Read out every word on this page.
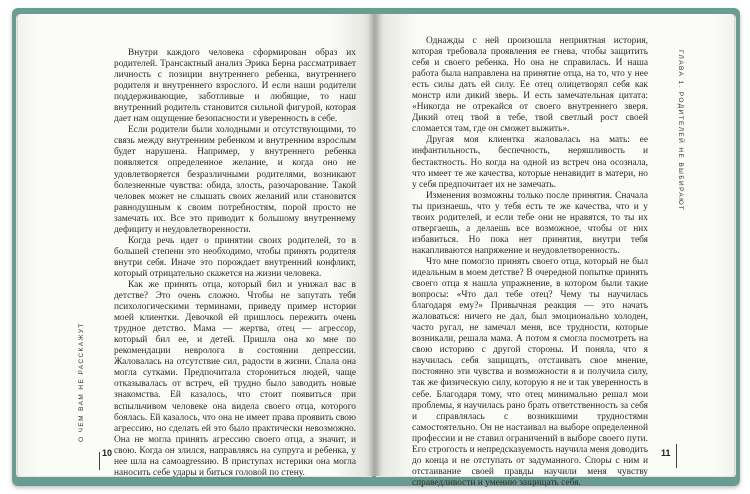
Внутри каждого человека сформирован образ их родителей. Трансактный анализ Эрика Берна рассматривает личность с позиции внутреннего ребенка, внутреннего родителя и внутреннего взрослого. И если наши родители поддерживающие, заботливые и любящие, то наш внутренний родитель становится сильной фигурой, которая дает нам ощущение безопасности и уверенность в себе.

Если родители были холодными и отсутствующими, то связь между внутренним ребенком и внутренним взрослым будет нарушена. Например, у внутреннего ребенка появляется определенное желание, и когда оно не удовлетворяется безразличными родителями, возникают болезненные чувства: обида, злость, разочарование. Такой человек может не слышать своих желаний или становится равнодушным к своим потребностям, порой просто не замечать их. Все это приводит к большому внутреннему дефициту и неудовлетворенности.

Когда речь идет о принятии своих родителей, то в большей степени это необходимо, чтобы принять родителя внутри себя. Иначе это порождает внутренний конфликт, который отрицательно скажется на жизни человека.

Как же принять отца, который бил и унижал вас в детстве? Это очень сложно. Чтобы не запутать тебя психологическими терминами, приведу пример истории моей клиентки. Девочкой ей пришлось пережить очень трудное детство. Мама — жертва, отец — агрессор, который бил ее, и детей. Пришла она ко мне по рекомендации невролога в состоянии депрессии. Жаловалась на отсутствие сил, радости в жизни. Спала она могла сутками. Предпочитала сторониться людей, чаще отказывалась от встреч, ей трудно было заводить новые знакомства. Ей казалось, что стоит появиться при вспыльчивом человеке она видела своего отца, которого боялась. Ей казалось, что она не имеет права проявить свою агрессию, но сделать ей это было практически невозможно. Она не могла принять агрессию своего отца, а значит, и свою. Когда он злился, направляясь на супруга и ребенка, у нее шла на самоagressию. В приступах истерики она могла наносить себе удары и биться головой по стену.

О ЧЕМ ВАМ НЕ РАССКАЖУТ
10

Однажды с ней произошла неприятная история, которая требовала проявления ее гнева, чтобы защитить себя и своего ребенка. Но она не справилась. И наша работа была направлена на принятие отца, на то, что у нее есть силы дать ей силу. Ее отец олицетворял себя как монстр или дикий зверь. И есть замечательная цитата: «Никогда не отрекайся от своего внутреннего зверя. Дикий отец твой в тебе, твой светлый рост своей сломается там, где он сможет выжить».

Другая моя клиентка жаловалась на мать: ее инфантильность, беспечность, неряшливость и бестактность. Но когда на одной из встреч она осознала, что имеет те же качества, которые ненавидит в матери, но у себя предпочитает их не замечать.

Изменения возможны только после принятия. Сначала ты признаешь, что у тебя есть те же качества, что и у твоих родителей, и если тебе они не нравятся, то ты их отвергаешь, а делаешь все возможное, чтобы от них избавиться. Но пока нет принятия, внутри тебя накапливаются напряжение и неудовлетворенность.

Что мне помогло принять своего отца, который не был идеальным в моем детстве? В очередной попытке принять своего отца я нашла упражнение, в котором были такие вопросы: «Что дал тебе отец? Чему ты научилась благодаря ему?» Привычная реакция — это начать жаловаться: ничего не дал, был эмоционально холоден, часто ругал, не замечал меня, все трудности, которые возникали, решала мама. А потом я смогла посмотреть на свою историю с другой стороны. И поняла, что я научилась себя защищать, отстаивать свое мнение, постоянно эти чувства и возможности я и получила силу, так же физическую силу, которую я не и так уверенность в себе. Благодаря тому, что отец минимально решал мои проблемы, я научилась рано брать ответственность за себя и справлялась с возникшими трудностями самостоятельно. Он не настаивал на выборе определенной профессии и не ставил ограничений в выборе своего пути. Его строгость и непредсказуемость научила меня доводить до конца и не отступать от задуманного. Споры с ним и отстаивание своей правды научили меня чувству справедливости и умению защищать себя.

ГЛАВА 1. РОДИТЕЛЕЙ НЕ ВЫБИРАЮТ
11
